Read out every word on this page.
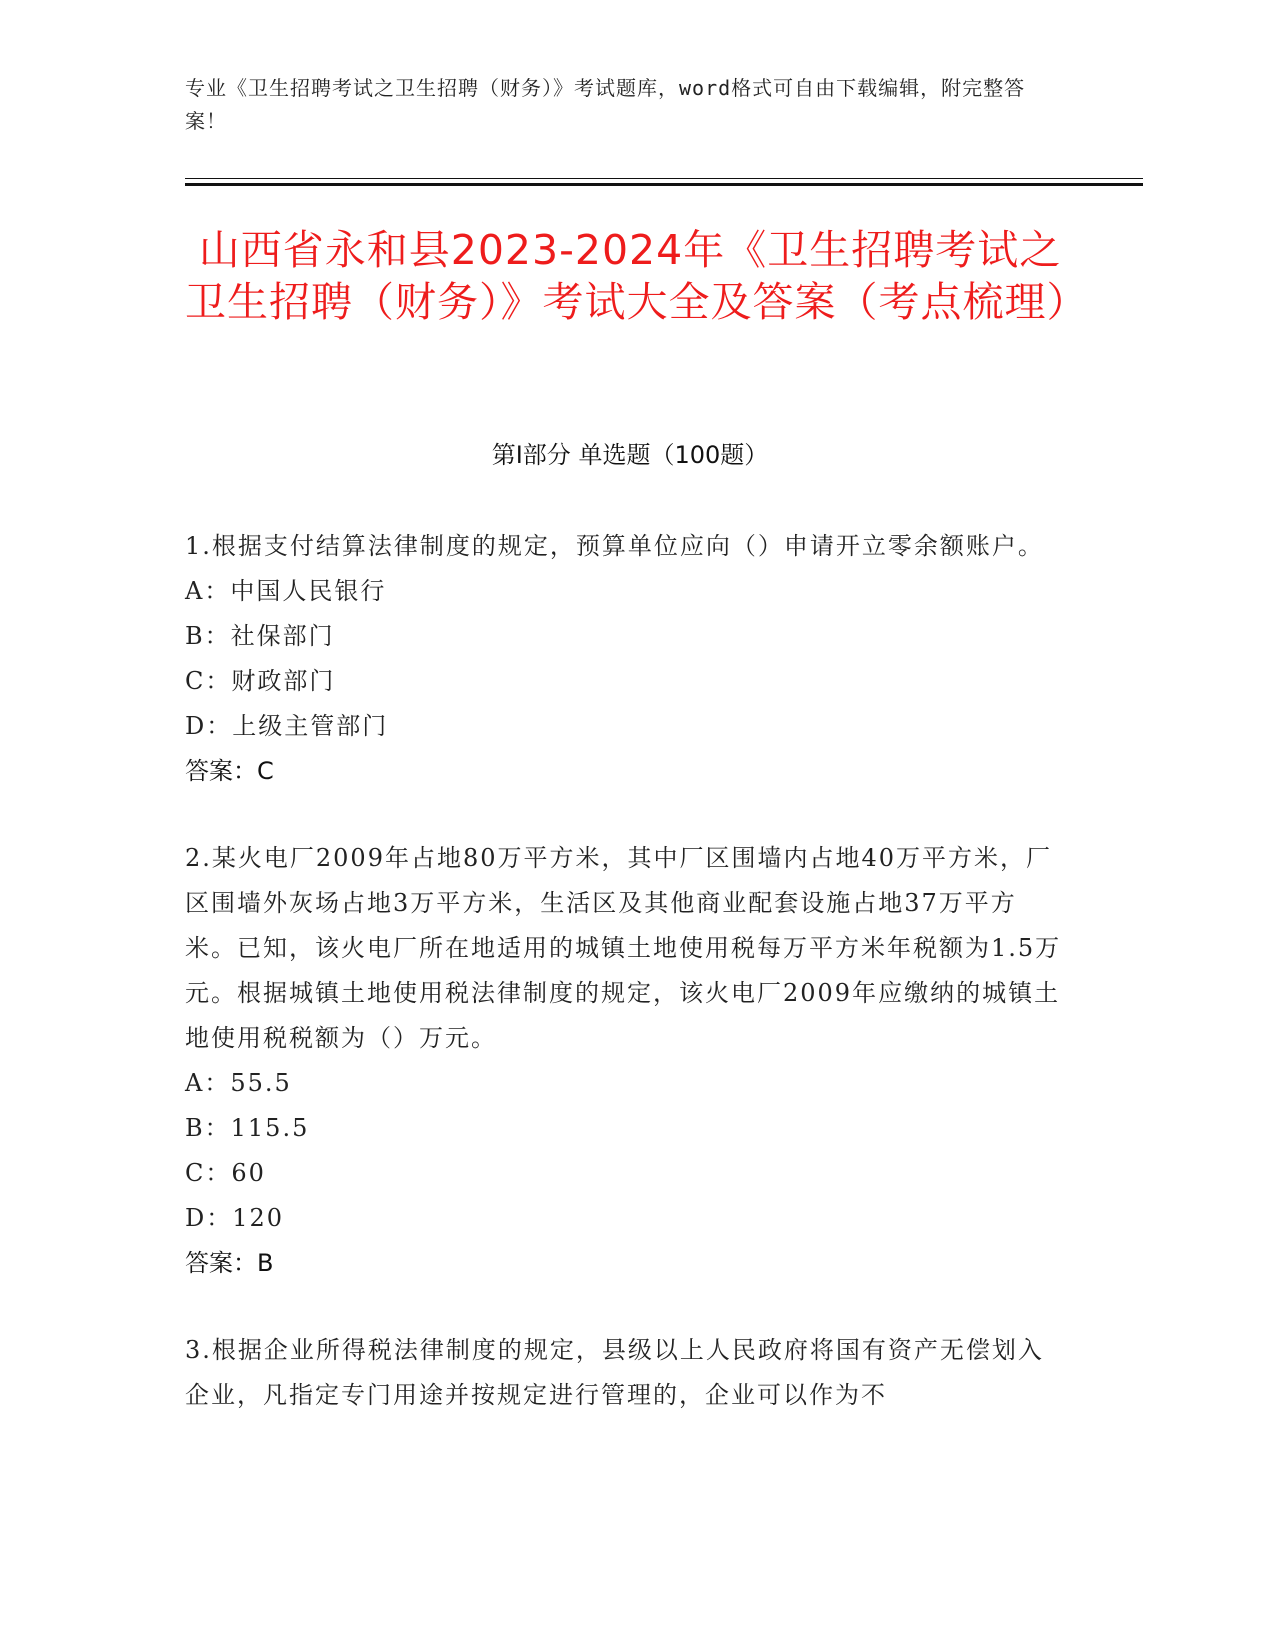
专业《卫生招聘考试之卫生招聘（财务）》考试题库，word格式可自由下载编辑，附完整答案！
山西省永和县2023-2024年《卫生招聘考试之卫生招聘（财务）》考试大全及答案（考点梳理）
第Ⅰ部分 单选题（100题）
1.根据支付结算法律制度的规定，预算单位应向（）申请开立零余额账户。
A：中国人民银行
B：社保部门
C：财政部门
D：上级主管部门
答案：C
2.某火电厂2009年占地80万平方米，其中厂区围墙内占地40万平方米，厂区围墙外灰场占地3万平方米，生活区及其他商业配套设施占地37万平方米。已知，该火电厂所在地适用的城镇土地使用税每万平方米年税额为1.5万元。根据城镇土地使用税法律制度的规定，该火电厂2009年应缴纳的城镇土地使用税税额为（）万元。
A：55.5
B：115.5
C：60
D：120
答案：B
3.根据企业所得税法律制度的规定，县级以上人民政府将国有资产无偿划入企业，凡指定专门用途并按规定进行管理的，企业可以作为不
